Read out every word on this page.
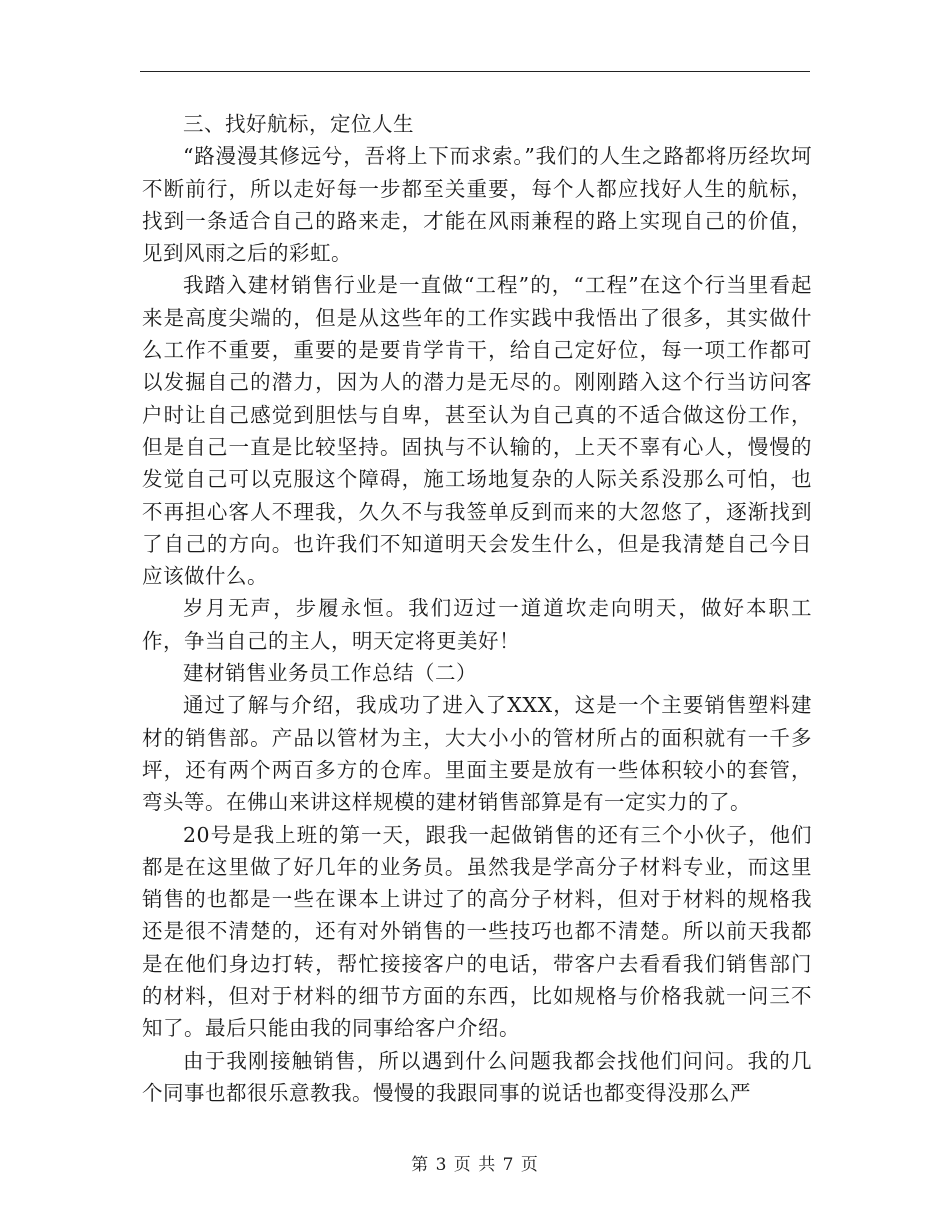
三、找好航标，定位人生

“路漫漫其修远兮，吾将上下而求索。”我们的人生之路都将历经坎坷不断前行，所以走好每一步都至关重要，每个人都应找好人生的航标，找到一条适合自己的路来走，才能在风雨兼程的路上实现自己的价值，见到风雨之后的彩虹。

我踏入建材销售行业是一直做“工程”的，“工程”在这个行当里看起来是高度尖端的，但是从这些年的工作实践中我悟出了很多，其实做什么工作不重要，重要的是要肯学肯干，给自己定好位，每一项工作都可以发掘自己的潜力，因为人的潜力是无尽的。刚刚踏入这个行当访问客户时让自己感觉到胆怯与自卑，甚至认为自己真的不适合做这份工作，但是自己一直是比较坚持。固执与不认输的，上天不辜有心人，慢慢的发觉自己可以克服这个障碍，施工场地复杂的人际关系没那么可怕，也不再担心客人不理我，久久不与我签单反到而来的大忽悠了，逐渐找到了自己的方向。也许我们不知道明天会发生什么，但是我清楚自己今日应该做什么。

岁月无声，步履永恒。我们迈过一道道坎走向明天，做好本职工作，争当自己的主人，明天定将更美好！

建材销售业务员工作总结（二）

通过了解与介绍，我成功了进入了XXX，这是一个主要销售塑料建材的销售部。产品以管材为主，大大小小的管材所占的面积就有一千多坪，还有两个两百多方的仓库。里面主要是放有一些体积较小的套管，弯头等。在佛山来讲这样规模的建材销售部算是有一定实力的了。

20号是我上班的第一天，跟我一起做销售的还有三个小伙子，他们都是在这里做了好几年的业务员。虽然我是学高分子材料专业，而这里销售的也都是一些在课本上讲过了的高分子材料，但对于材料的规格我还是很不清楚的，还有对外销售的一些技巧也都不清楚。所以前天我都是在他们身边打转，帮忙接接客户的电话，带客户去看看我们销售部门的材料，但对于材料的细节方面的东西，比如规格与价格我就一问三不知了。最后只能由我的同事给客户介绍。

由于我刚接触销售，所以遇到什么问题我都会找他们问问。我的几个同事也都很乐意教我。慢慢的我跟同事的说话也都变得没那么严

第 3 页 共 7 页
